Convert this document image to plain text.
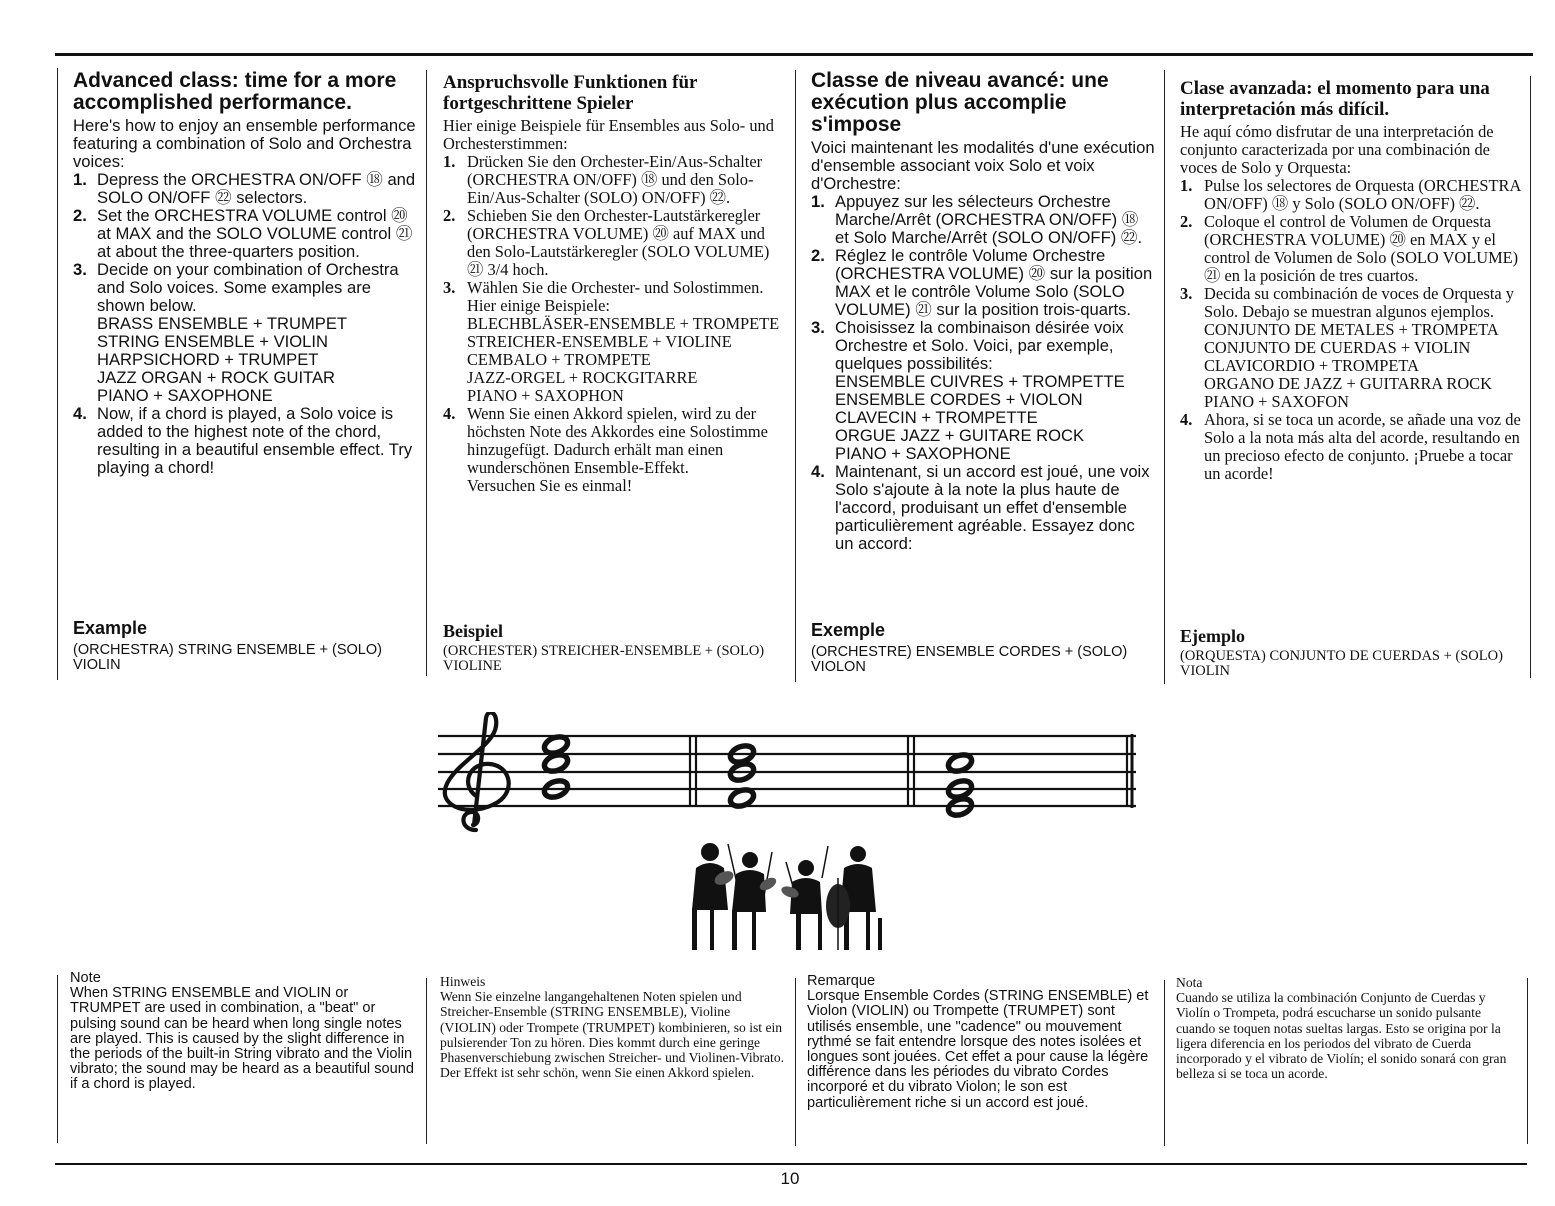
Advanced class: time for a more accomplished performance.

Here's how to enjoy an ensemble performance featuring a combination of Solo and Orchestra voices:

1. Depress the ORCHESTRA ON/OFF ⑱ and SOLO ON/OFF ㉒ selectors.
2. Set the ORCHESTRA VOLUME control ⑳ at MAX and the SOLO VOLUME control ㉑ at about the three-quarters position.
3. Decide on your combination of Orchestra and Solo voices. Some examples are shown below.
BRASS ENSEMBLE + TRUMPET
STRING ENSEMBLE + VIOLIN
HARPSICHORD + TRUMPET
JAZZ ORGAN + ROCK GUITAR
PIANO + SAXOPHONE
4. Now, if a chord is played, a Solo voice is added to the highest note of the chord, resulting in a beautiful ensemble effect. Try playing a chord!
Example
(ORCHESTRA) STRING ENSEMBLE + (SOLO) VIOLIN
Anspruchsvolle Funktionen für fortgeschrittene Spieler

Hier einige Beispiele für Ensembles aus Solo- und Orchesterstimmen:

1. Drücken Sie den Orchester-Ein/Aus-Schalter (ORCHESTRA ON/OFF) ⑱ und den Solo-Ein/Aus-Schalter (SOLO) ON/OFF) ㉒.
2. Schieben Sie den Orchester-Lautstärkeregler (ORCHESTRA VOLUME) ⑳ auf MAX und den Solo-Lautstärkeregler (SOLO VOLUME) ㉑ 3/4 hoch.
3. Wählen Sie die Orchester- und Solostimmen. Hier einige Beispiele:
BLECHBLÄSER-ENSEMBLE + TROMPETE
STREICHER-ENSEMBLE + VIOLINE
CEMBALO + TROMPETE
JAZZ-ORGEL + ROCKGITARRE
PIANO + SAXOPHON
4. Wenn Sie einen Akkord spielen, wird zu der höchsten Note des Akkordes eine Solostimme hinzugefügt. Dadurch erhält man einen wunderschönen Ensemble-Effekt.
Versuchen Sie es einmal!
Beispiel
(ORCHESTER) STREICHER-ENSEMBLE + (SOLO) VIOLINE
Classe de niveau avancé: une exécution plus accomplie s'impose

Voici maintenant les modalités d'une exécution d'ensemble associant voix Solo et voix d'Orchestre:

1. Appuyez sur les sélecteurs Orchestre Marche/Arrêt (ORCHESTRA ON/OFF) ⑱ et Solo Marche/Arrêt (SOLO ON/OFF) ㉒.
2. Réglez le contrôle Volume Orchestre (ORCHESTRA VOLUME) ⑳ sur la position MAX et le contrôle Volume Solo (SOLO VOLUME) ㉑ sur la position trois-quarts.
3. Choisissez la combinaison désirée voix Orchestre et Solo. Voici, par exemple, quelques possibilités:
ENSEMBLE CUIVRES + TROMPETTE
ENSEMBLE CORDES + VIOLON
CLAVECIN + TROMPETTE
ORGUE JAZZ + GUITARE ROCK
PIANO + SAXOPHONE
4. Maintenant, si un accord est joué, une voix Solo s'ajoute à la note la plus haute de l'accord, produisant un effet d'ensemble particulièrement agréable. Essayez donc un accord:
Exemple
(ORCHESTRE) ENSEMBLE CORDES + (SOLO) VIOLON
Clase avanzada: el momento para una interpretación más difícil.

He aquí cómo disfrutar de una interpretación de conjunto caracterizada por una combinación de voces de Solo y Orquesta:

1. Pulse los selectores de Orquesta (ORCHESTRA ON/OFF) ⑱ y Solo (SOLO ON/OFF) ㉒.
2. Coloque el control de Volumen de Orquesta (ORCHESTRA VOLUME) ⑳ en MAX y el control de Volumen de Solo (SOLO VOLUME) ㉑ en la posición de tres cuartos.
3. Decida su combinación de voces de Orquesta y Solo. Debajo se muestran algunos ejemplos.
CONJUNTO DE METALES + TROMPETA
CONJUNTO DE CUERDAS + VIOLIN
CLAVICORDIO + TROMPETA
ORGANO DE JAZZ + GUITARRA ROCK
PIANO + SAXOFON
4. Ahora, si se toca un acorde, se añade una voz de Solo a la nota más alta del acorde, resultando en un precioso efecto de conjunto. ¡Pruebe a tocar un acorde!
Ejemplo
(ORQUESTA) CONJUNTO DE CUERDAS + (SOLO) VIOLIN
Note
When STRING ENSEMBLE and VIOLIN or TRUMPET are used in combination, a "beat" or pulsing sound can be heard when long single notes are played. This is caused by the slight difference in the periods of the built-in String vibrato and the Violin vibrato; the sound may be heard as a beautiful sound if a chord is played.
Hinweis
Wenn Sie einzelne langangehaltenen Noten spielen und Streicher-Ensemble (STRING ENSEMBLE), Violine (VIOLIN) oder Trompete (TRUMPET) kombinieren, so ist ein pulsierender Ton zu hören. Dies kommt durch eine geringe Phasenverschiebung zwischen Streicher- und Violinen-Vibrato. Der Effekt ist sehr schön, wenn Sie einen Akkord spielen.
Remarque
Lorsque Ensemble Cordes (STRING ENSEMBLE) et Violon (VIOLIN) ou Trompette (TRUMPET) sont utilisés ensemble, une "cadence" ou mouvement rythmé se fait entendre lorsque des notes isolées et longues sont jouées. Cet effet a pour cause la légère différence dans les périodes du vibrato Cordes incorporé et du vibrato Violon; le son est particulièrement riche si un accord est joué.
Nota
Cuando se utiliza la combinación Conjunto de Cuerdas y Violín o Trompeta, podrá escucharse un sonido pulsante cuando se toquen notas sueltas largas. Esto se origina por la ligera diferencia en los periodos del vibrato de Cuerda incorporado y el vibrato de Violín; el sonido sonará con gran belleza si se toca un acorde.
10
